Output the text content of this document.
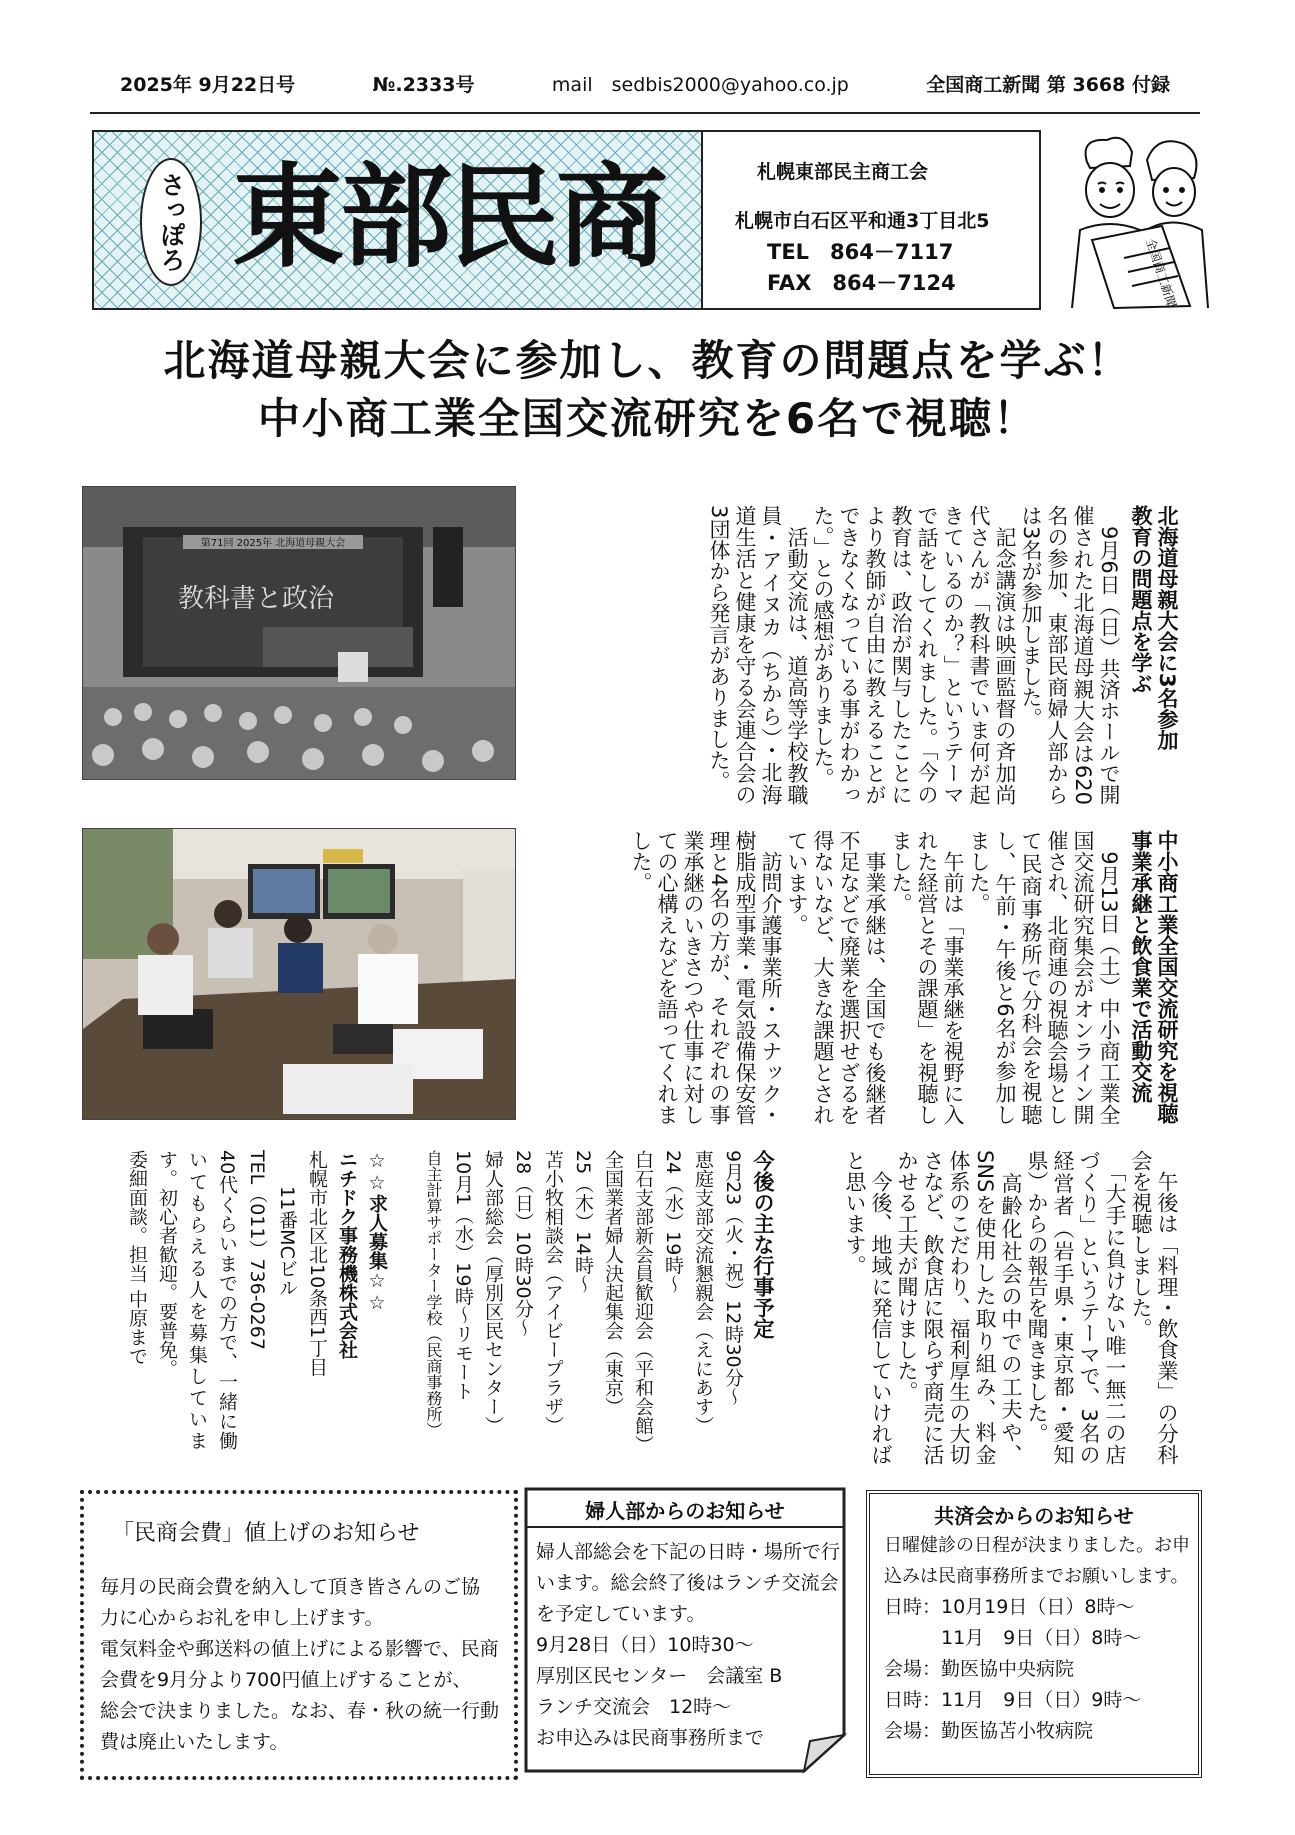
2025年 9月22日号	№.2333号	mail　sedbis2000@yahoo.co.jp	全国商工新聞 第 3668 付録
さっぽろ 東部民商	札幌東部民主商工会
札幌市白石区平和通3丁目北5
TEL　864－7117
FAX　864－7124	全国商工新聞
北海道母親大会に参加し、教育の問題点を学ぶ！
中小商工業全国交流研究を6名で視聴！
第71回 2025年 北海道母親大会
教科書と政治	北海道母親大会に3名参加

教育の問題点を学ぶ

　9月6日（日）共済ホールで開催された北海道母親大会は620名の参加、東部民商婦人部からは3名が参加しました。

　記念講演は映画監督の斉加尚代さんが「教科書でいま何が起きているのか？」というテーマで話をしてくれました。「今の教育は、政治が関与したことにより教師が自由に教えることができなくなっている事がわかった。」との感想がありました。

　活動交流は、道高等学校教職員・アイヌカ（ちから）・北海道生活と健康を守る会連合会の3団体から発言がありました。

中小商工業全国交流研究を視聴

事業承継と飲食業で活動交流

　9月13日（土）中小商工業全国交流研究集会がオンライン開催され、北商連の視聴会場として民商事務所で分科会を視聴し、午前・午後と6名が参加しました。

　午前は「事業承継を視野に入れた経営とその課題」を視聴しました。

　事業承継は、全国でも後継者不足などで廃業を選択せざるを得ないなど、大きな課題とされています。

　訪問介護事業所・スナック・樹脂成型事業・電気設備保安管理と4名の方が、それぞれの事業承継のいきさつや仕事に対しての心構えなどを語ってくれました。

　午後は「料理・飲食業」の分科会を視聴しました。

　「大手に負けない唯一無二の店づくり」というテーマで、3名の経営者（岩手県・東京都・愛知県）からの報告を聞きました。

　高齢化社会の中での工夫や、SNSを使用した取り組み、料金体系のこだわり、福利厚生の大切さなど、飲食店に限らず商売に活かせる工夫が聞けました。

　今後、地域に発信していければと思います。

今後の主な行事予定

9月23（火・祝）12時30分～

恵庭支部交流懇親会（えにあす）

24（水）19時～

白石支部新会員歓迎会（平和会館）

全国業者婦人決起集会（東京）

25（木）14時～

苫小牧相談会（アイビープラザ）

28（日）10時30分～

婦人部総会（厚別区民センター）

10月1（水）19時～リモート

自主計算サポーター学校（民商事務所）

☆☆求人募集☆☆

ニチドク事務機株式会社

札幌市北区北10条西1丁目

11番MCビル

TEL（011）736-0267

40代くらいまでの方で、一緒に働いてもらえる人を募集しています。初心者歓迎。要普免。

委細面談。担当 中原まで

「民商会費」値上げのお知らせ
毎月の民商会費を納入して頂き皆さんのご協
力に心からお礼を申し上げます。
電気料金や郵送料の値上げによる影響で、民商
会費を9月分より700円値上げすることが、
総会で決まりました。なお、春・秋の統一行動
費は廃止いたします。
婦人部からのお知らせ
婦人部総会を下記の日時・場所で行
います。総会終了後はランチ交流会
を予定しています。
9月28日（日）10時30～
厚別区民センター　会議室 B
ランチ交流会　12時～
お申込みは民商事務所まで
共済会からのお知らせ
日曜健診の日程が決まりました。お申
込みは民商事務所までお願いします。
日時：10月19日（日）8時～
　　　11月　9日（日）8時～
会場：勤医協中央病院
日時：11月　9日（日）9時～
会場：勤医協苫小牧病院
